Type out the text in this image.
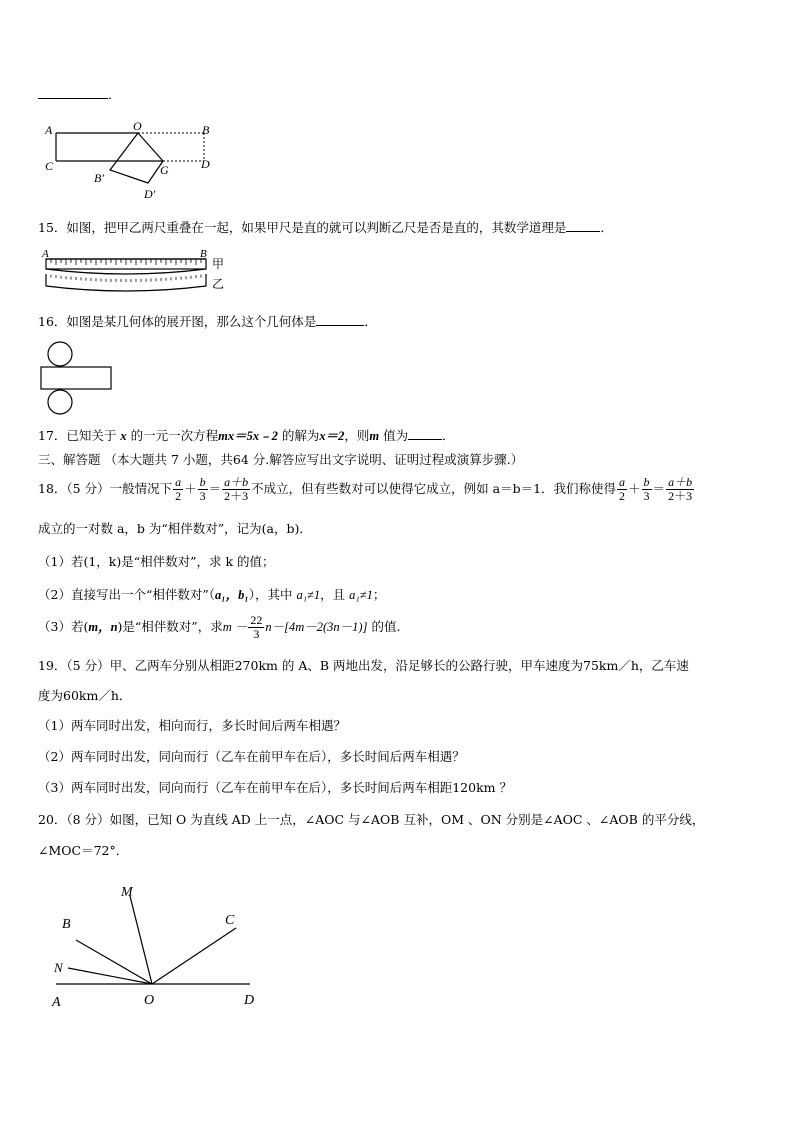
．
A	O	B
C	D
B′
G
D′
15．如图，把甲乙两尺重叠在一起，如果甲尺是直的就可以判断乙尺是否是直的，其数学道理是	．
A	B
甲
乙
16．如图是某几何体的展开图，那么这个几何体是	．
17．已知关于 x 的一元一次方程mx＝5x﹣2 的解为x＝2，则m 值为	．
三、解答题 （本大题共 7 小题，共64 分.解答应写出文字说明、证明过程或演算步骤.）
18．（5 分）一般情况下 $\frac{a}{2} + \frac{b}{3} = \frac{a+b}{2+3}$ 不成立，但有些数对可以使得它成立，例如 a＝b＝1．我们称使得 $\frac{a}{2} + \frac{b}{3} = \frac{a+b}{2+3}$
成立的一对数 a，b 为“相伴数对”，记为(a，b)．
（1）若(1，k)是“相伴数对”，求 k 的值；
（2）直接写出一个“相伴数对”（a₁，b₁），其中 a₁≠1，且 a₁≠1；
（3）若(m，n)是“相伴数对”，求$m - \frac{22}{3} n-[4m-2(3n-1)]$ 的值.
19．（5 分）甲、乙两车分别从相距270km 的 A、B 两地出发，沿足够长的公路行驶，甲车速度为75km／h，乙车速
度为60km／h．
（1）两车同时出发，相向而行，多长时间后两车相遇？
（2）两车同时出发，同向而行（乙车在前甲车在后），多长时间后两车相遇？
（3）两车同时出发，同向而行（乙车在前甲车在后），多长时间后两车相距120km ？
20．（8 分）如图，已知 O 为直线 AD 上一点，∠AOC 与∠AOB 互补，OM 、ON 分别是∠AOC 、∠AOB 的平分线，
∠MOC＝72°．
M
B	C
N
A	O	D
